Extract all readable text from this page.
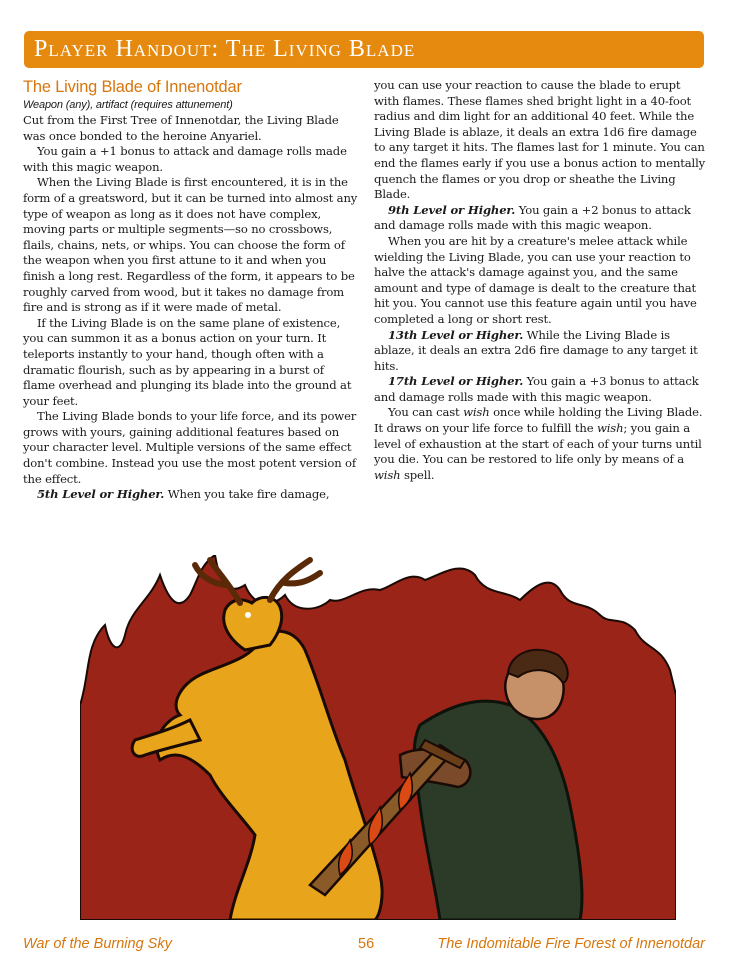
Player Handout: The Living Blade
The Living Blade of Innenotdar

Weapon (any), artifact (requires attunement)

Cut from the First Tree of Innenotdar, the Living Blade was once bonded to the heroine Anyariel.

You gain a +1 bonus to attack and damage rolls made with this magic weapon.

When the Living Blade is first encountered, it is in the form of a greatsword, but it can be turned into almost any type of weapon as long as it does not have complex, moving parts or multiple segments—so no crossbows, flails, chains, nets, or whips. You can choose the form of the weapon when you first attune to it and when you finish a long rest. Regardless of the form, it appears to be roughly carved from wood, but it takes no damage from fire and is strong as if it were made of metal.

If the Living Blade is on the same plane of existence, you can summon it as a bonus action on your turn. It teleports instantly to your hand, though often with a dramatic flourish, such as by appearing in a burst of flame overhead and plunging its blade into the ground at your feet.

The Living Blade bonds to your life force, and its power grows with yours, gaining additional features based on your character level. Multiple versions of the same effect don't combine. Instead you use the most potent version of the effect.

5th Level or Higher. When you take fire damage,

you can use your reaction to cause the blade to erupt with flames. These flames shed bright light in a 40-foot radius and dim light for an additional 40 feet. While the Living Blade is ablaze, it deals an extra 1d6 fire damage to any target it hits. The flames last for 1 minute. You can end the flames early if you use a bonus action to mentally quench the flames or you drop or sheathe the Living Blade.

9th Level or Higher. You gain a +2 bonus to attack and damage rolls made with this magic weapon.

When you are hit by a creature's melee attack while wielding the Living Blade, you can use your reaction to halve the attack's damage against you, and the same amount and type of damage is dealt to the creature that hit you. You cannot use this feature again until you have completed a long or short rest.

13th Level or Higher. While the Living Blade is ablaze, it deals an extra 2d6 fire damage to any target it hits.

17th Level or Higher. You gain a +3 bonus to attack and damage rolls made with this magic weapon.

You can cast wish once while holding the Living Blade. It draws on your life force to fulfill the wish; you gain a level of exhaustion at the start of each of your turns until you die. You can be restored to life only by means of a wish spell.

War of the Burning Sky	56	The Indomitable Fire Forest of Innenotdar
